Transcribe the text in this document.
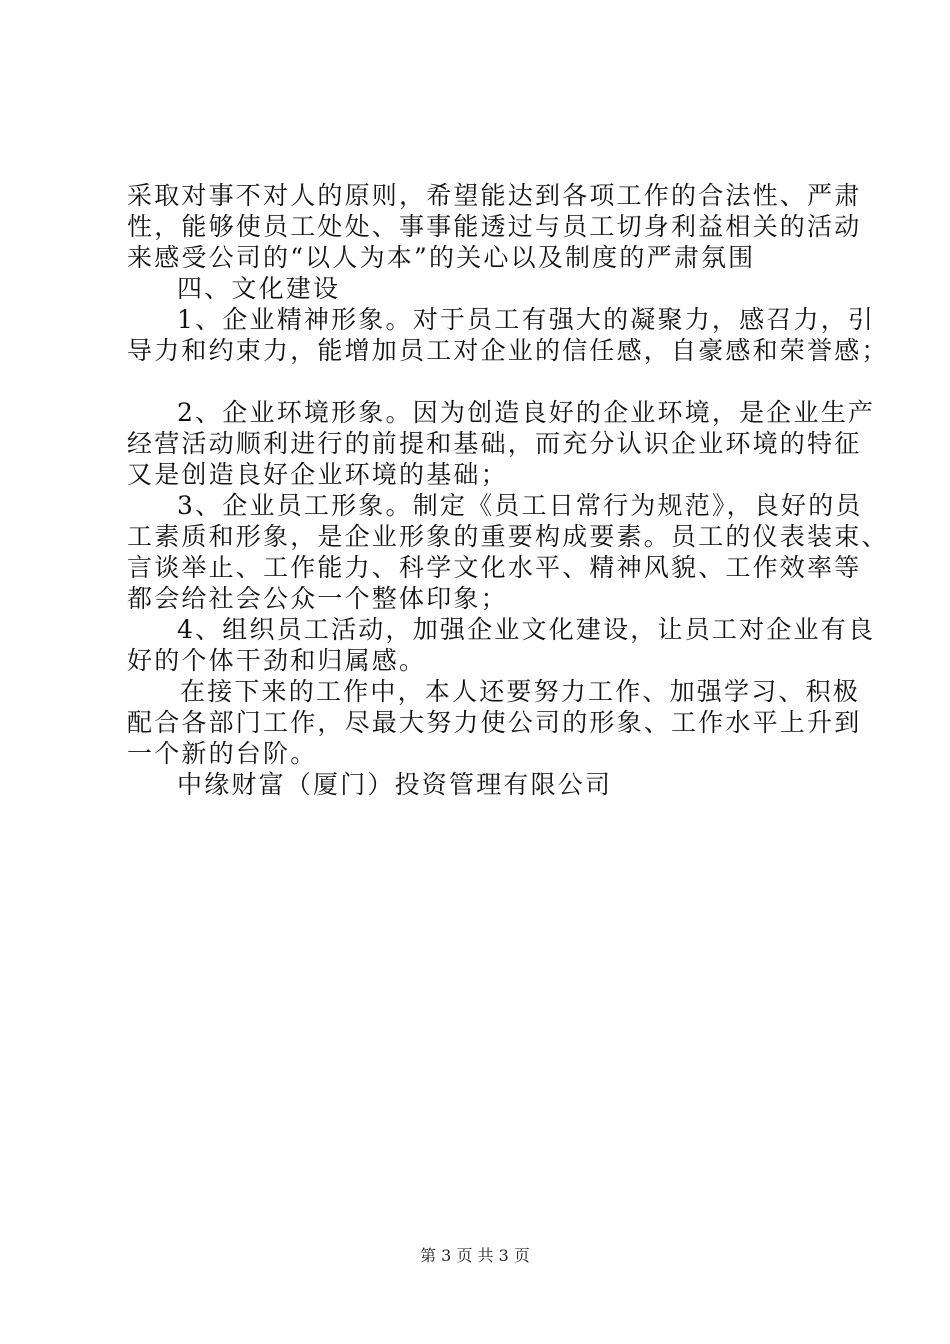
采取对事不对人的原则，希望能达到各项工作的合法性、严肃
性，能够使员工处处、事事能透过与员工切身利益相关的活动
来感受公司的“以人为本”的关心以及制度的严肃氛围
四、文化建设
1、企业精神形象。对于员工有强大的凝聚力，感召力，引
导力和约束力，能增加员工对企业的信任感，自豪感和荣誉感；
2、企业环境形象。因为创造良好的企业环境，是企业生产
经营活动顺利进行的前提和基础，而充分认识企业环境的特征
又是创造良好企业环境的基础；
3、企业员工形象。制定《员工日常行为规范》，良好的员
工素质和形象，是企业形象的重要构成要素。员工的仪表装束、
言谈举止、工作能力、科学文化水平、精神风貌、工作效率等
都会给社会公众一个整体印象；
4、组织员工活动，加强企业文化建设，让员工对企业有良
好的个体干劲和归属感。
在接下来的工作中，本人还要努力工作、加强学习、积极
配合各部门工作，尽最大努力使公司的形象、工作水平上升到
一个新的台阶。
中缘财富（厦门）投资管理有限公司
第 3 页 共 3 页
